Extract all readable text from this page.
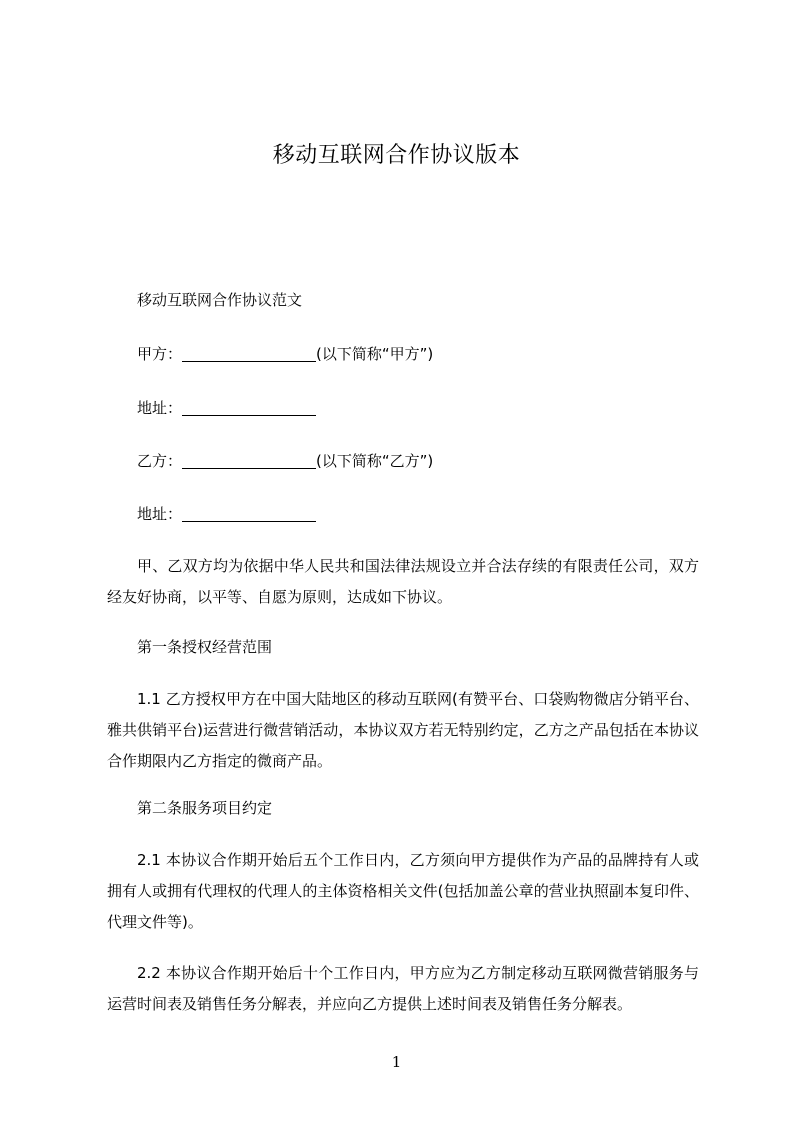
移动互联网合作协议版本
移动互联网合作协议范文
甲方：	(以下简称“甲方”)
地址：
乙方：	(以下简称“乙方”)
地址：
甲、乙双方均为依据中华人民共和国法律法规设立并合法存续的有限责任公司，双方经友好协商，以平等、自愿为原则，达成如下协议。
第一条授权经营范围
1.1 乙方授权甲方在中国大陆地区的移动互联网(有赞平台、口袋购物微店分销平台、雅共供销平台)运营进行微营销活动，本协议双方若无特别约定，乙方之产品包括在本协议合作期限内乙方指定的微商产品。
第二条服务项目约定
2.1 本协议合作期开始后五个工作日内，乙方须向甲方提供作为产品的品牌持有人或拥有人或拥有代理权的代理人的主体资格相关文件(包括加盖公章的营业执照副本复印件、代理文件等)。
2.2 本协议合作期开始后十个工作日内，甲方应为乙方制定移动互联网微营销服务与运营时间表及销售任务分解表，并应向乙方提供上述时间表及销售任务分解表。
1
